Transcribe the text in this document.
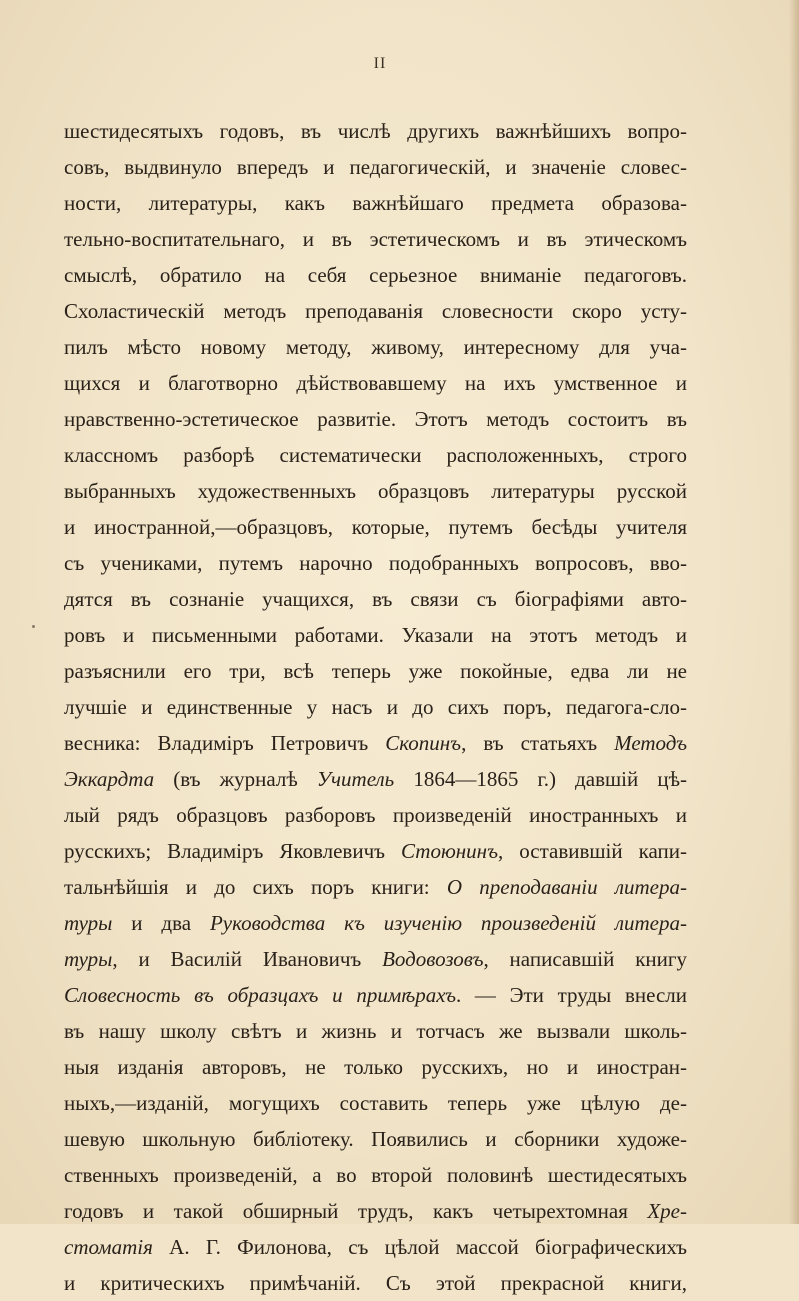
II
шестидесятыхъ годовъ, въ числѣ другихъ важнѣйшихъ вопро-
совъ, выдвинуло впередъ и педагогическій, и значеніе словес-
ности, литературы, какъ важнѣйшаго предмета образова-
тельно-воспитательнаго, и въ эстетическомъ и въ этическомъ
смыслѣ, обратило на себя серьезное вниманіе педагоговъ.
Схоластическій методъ преподаванія словесности скоро усту-
пилъ мѣсто новому методу, живому, интересному для уча-
щихся и благотворно дѣйствовавшему на ихъ умственное и
нравственно-эстетическое развитіе. Этотъ методъ состоитъ въ
классномъ разборѣ систематически расположенныхъ, строго
выбранныхъ художественныхъ образцовъ литературы русской
и иностранной,—образцовъ, которые, путемъ бесѣды учителя
съ учениками, путемъ нарочно подобранныхъ вопросовъ, вво-
дятся въ сознаніе учащихся, въ связи съ біографіями авто-
ровъ и письменными работами. Указали на этотъ методъ и
разъяснили его три, всѣ теперь уже покойные, едва ли не
лучшіе и единственные у насъ и до сихъ поръ, педагога-сло-
весника: Владиміръ Петровичъ Скопинъ, въ статьяхъ Методъ
Эккардта (въ журналѣ Учитель 1864—1865 г.) давшій цѣ-
лый рядъ образцовъ разборовъ произведеній иностранныхъ и
русскихъ; Владиміръ Яковлевичъ Стоюнинъ, оставившій капи-
тальнѣйшія и до сихъ поръ книги: О преподаваніи литера-
туры и два Руководства къ изученію произведеній литера-
туры, и Василій Ивановичъ Водовозовъ, написавшій книгу
Словесность въ образцахъ и примѣрахъ. — Эти труды внесли
въ нашу школу свѣтъ и жизнь и тотчасъ же вызвали школь-
ныя изданія авторовъ, не только русскихъ, но и иностран-
ныхъ,—изданій, могущихъ составить теперь уже цѣлую де-
шевую школьную библіотеку. Появились и сборники художе-
ственныхъ произведеній, а во второй половинѣ шестидесятыхъ
годовъ и такой обширный трудъ, какъ четырехтомная Хре-
стоматія А. Г. Филонова, съ цѣлой массой біографическихъ
и критическихъ примѣчаній. Съ этой прекрасной книги,
